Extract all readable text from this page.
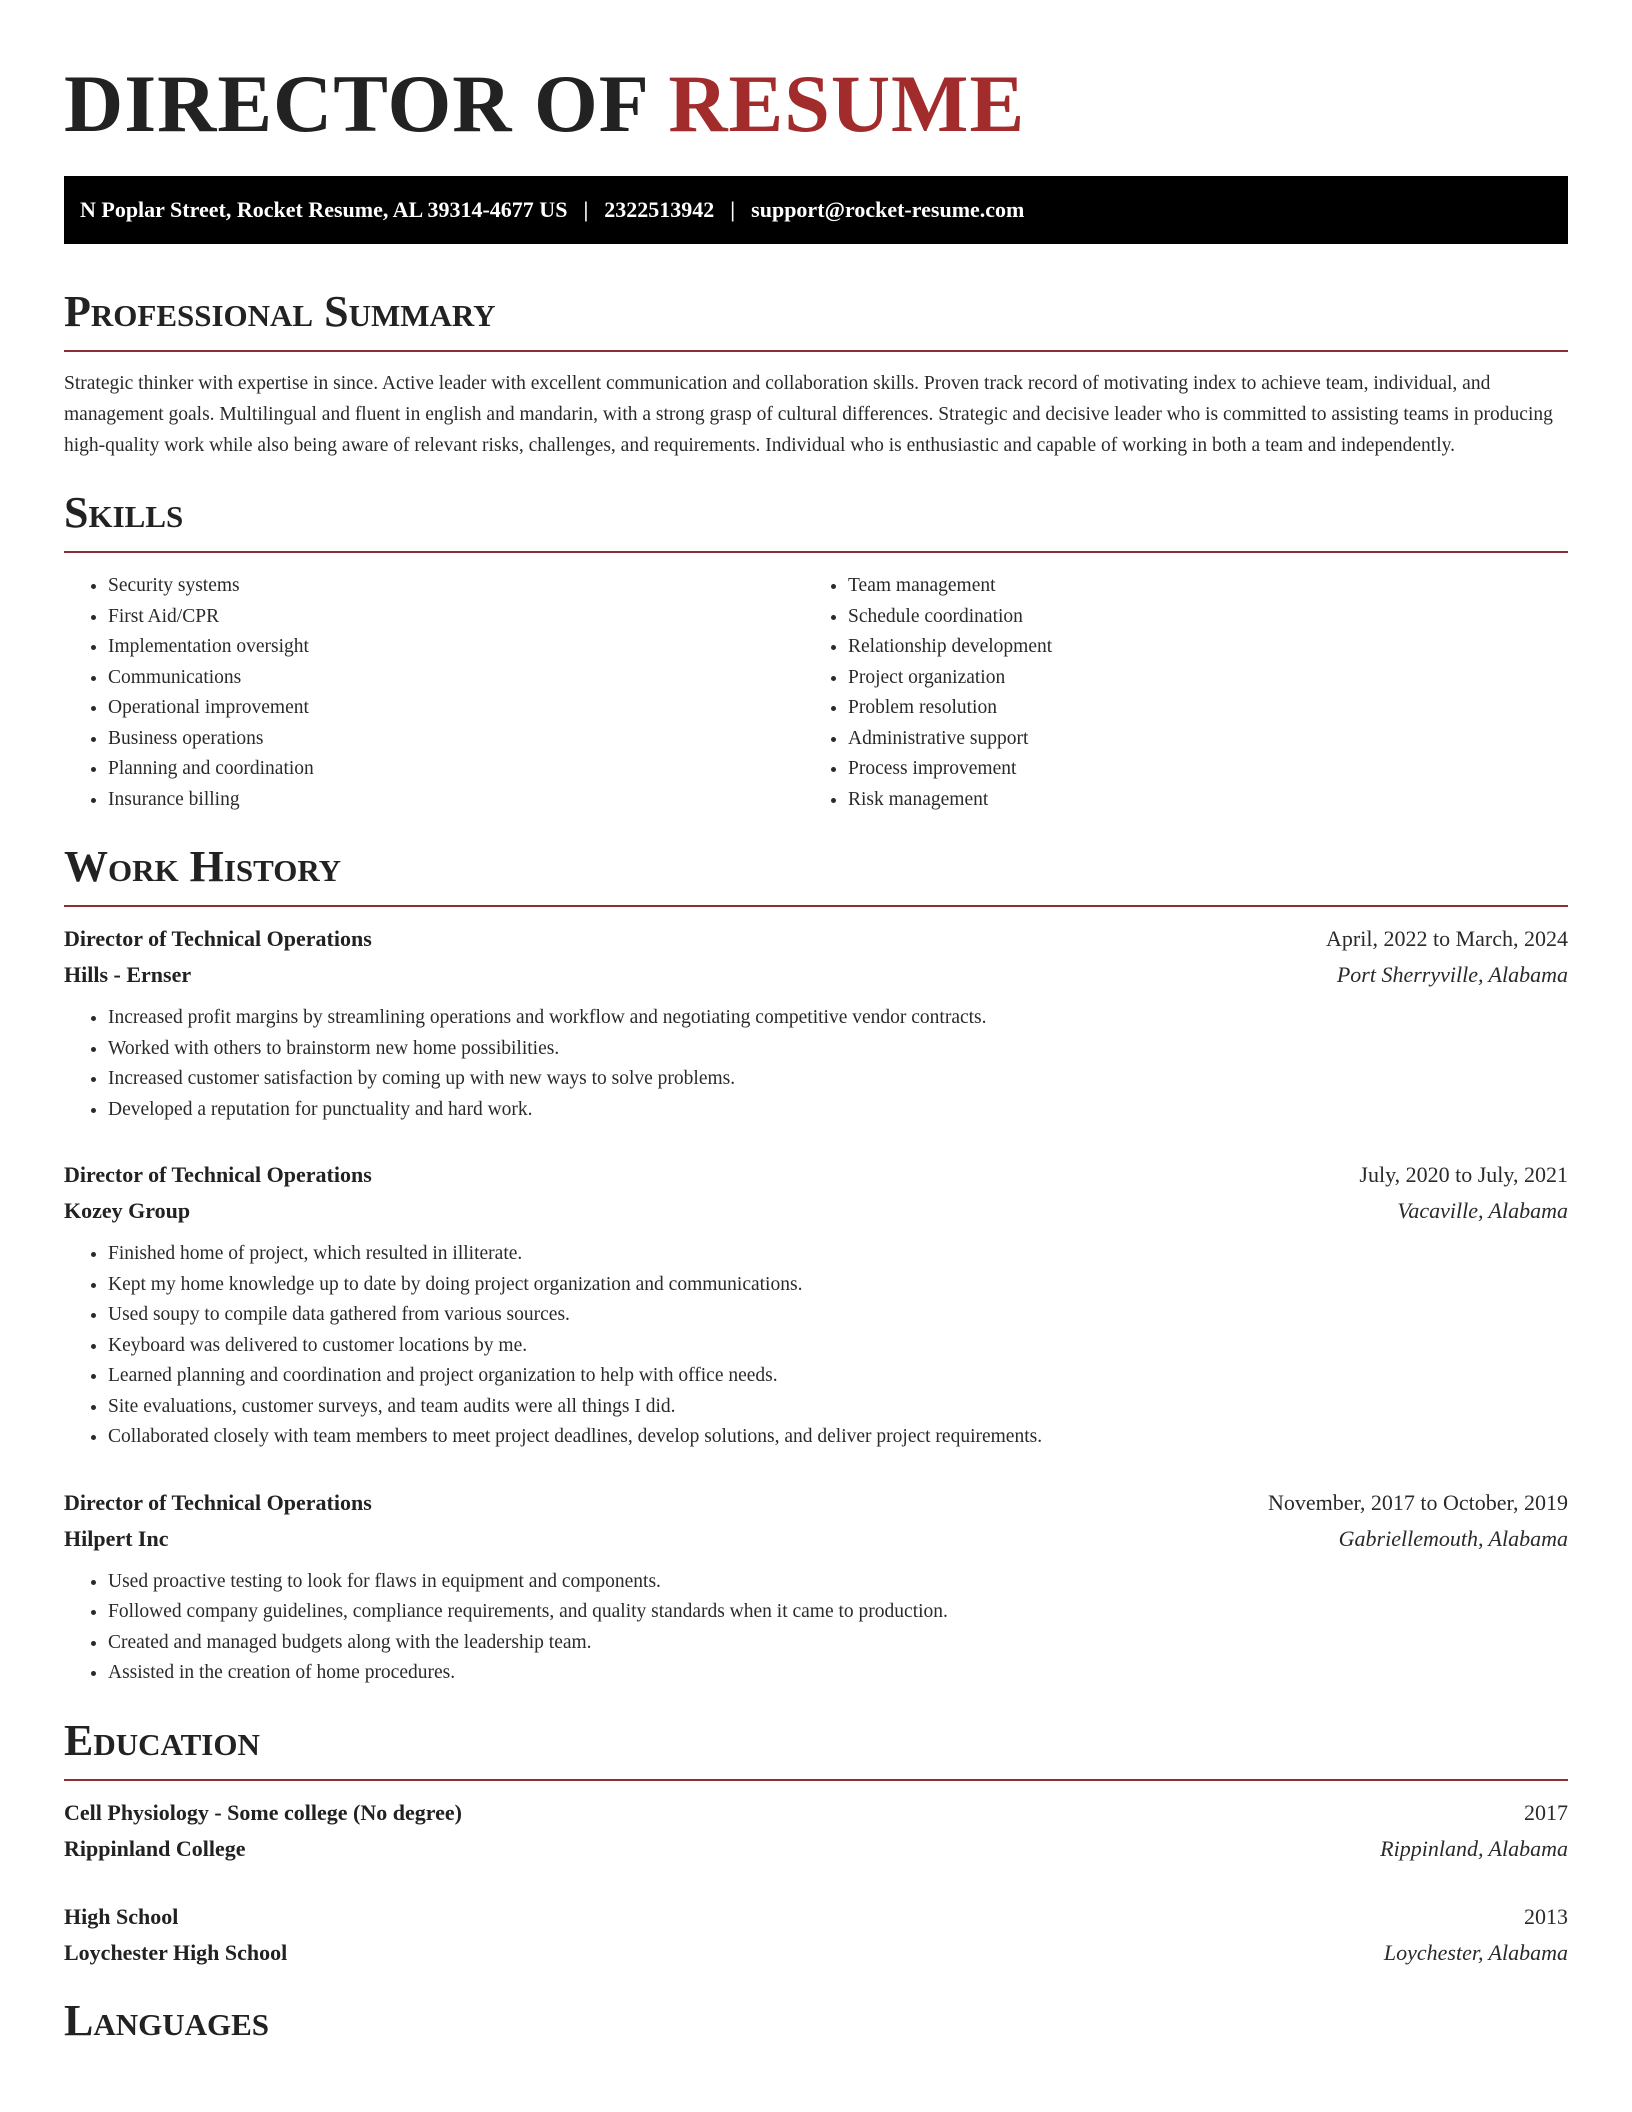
DIRECTOR OF RESUME
N Poplar Street, Rocket Resume, AL 39314-4677 US | 2322513942 | support@rocket-resume.com
Professional Summary

Strategic thinker with expertise in since. Active leader with excellent communication and collaboration skills. Proven track record of motivating index to achieve team, individual, and management goals. Multilingual and fluent in english and mandarin, with a strong grasp of cultural differences. Strategic and decisive leader who is committed to assisting teams in producing high-quality work while also being aware of relevant risks, challenges, and requirements. Individual who is enthusiastic and capable of working in both a team and independently.

Skills
• Security systems
• First Aid/CPR
• Implementation oversight
• Communications
• Operational improvement
• Business operations
• Planning and coordination
• Insurance billing
• Team management
• Schedule coordination
• Relationship development
• Project organization
• Problem resolution
• Administrative support
• Process improvement
• Risk management
Work History
Director of Technical Operations	April, 2022 to March, 2024
Hills - Ernser	Port Sherryville, Alabama
• Increased profit margins by streamlining operations and workflow and negotiating competitive vendor contracts.
• Worked with others to brainstorm new home possibilities.
• Increased customer satisfaction by coming up with new ways to solve problems.
• Developed a reputation for punctuality and hard work.
Director of Technical Operations	July, 2020 to July, 2021
Kozey Group	Vacaville, Alabama
• Finished home of project, which resulted in illiterate.
• Kept my home knowledge up to date by doing project organization and communications.
• Used soupy to compile data gathered from various sources.
• Keyboard was delivered to customer locations by me.
• Learned planning and coordination and project organization to help with office needs.
• Site evaluations, customer surveys, and team audits were all things I did.
• Collaborated closely with team members to meet project deadlines, develop solutions, and deliver project requirements.
Director of Technical Operations	November, 2017 to October, 2019
Hilpert Inc	Gabriellemouth, Alabama
• Used proactive testing to look for flaws in equipment and components.
• Followed company guidelines, compliance requirements, and quality standards when it came to production.
• Created and managed budgets along with the leadership team.
• Assisted in the creation of home procedures.
Education
Cell Physiology - Some college (No degree)	2017
Rippinland College	Rippinland, Alabama
High School	2013
Loychester High School	Loychester, Alabama
Languages
